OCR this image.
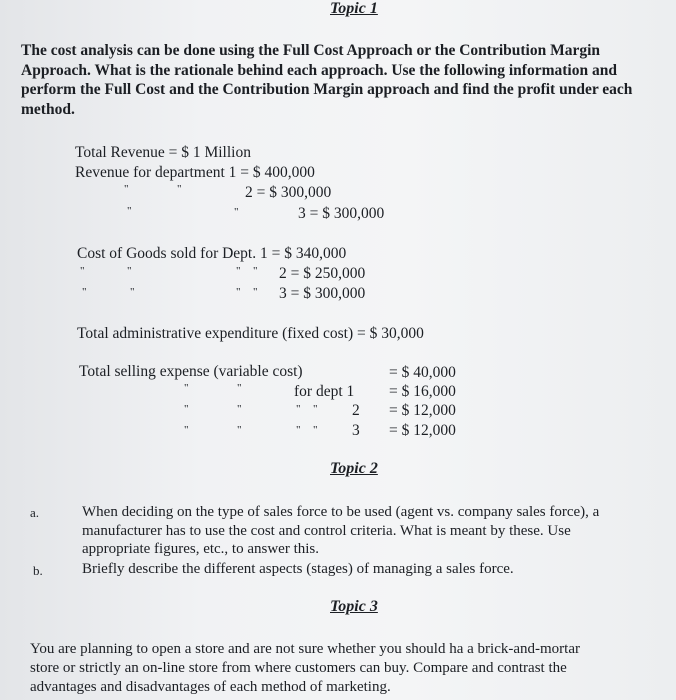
Topic 1
The cost analysis can be done using the Full Cost Approach or the Contribution Margin
Approach. What is the rationale behind each approach. Use the following information and
perform the Full Cost and the Contribution Margin approach and find the profit under each
method.
Total Revenue = $ 1 Million
Revenue for department 1 = $ 400,000
"	"	2 = $ 300,000
"	"	3 = $ 300,000
Cost of Goods sold for Dept. 1 = $ 340,000
"	"	" " 2 = $ 250,000
"	"	" " 3 = $ 300,000
Total administrative expenditure (fixed cost) = $ 30,000
Total selling expense (variable cost)	= $ 40,000
"	"	for dept 1 = $ 16,000
"	"	" " 2 = $ 12,000
"	"	" " 3 = $ 12,000
Topic 2
a.	When deciding on the type of sales force to be used (agent vs. company sales force), a
manufacturer has to use the cost and control criteria. What is meant by these. Use
appropriate figures, etc., to answer this.
b.	Briefly describe the different aspects (stages) of managing a sales force.
Topic 3
You are planning to open a store and are not sure whether you should ha a brick-and-mortar
store or strictly an on-line store from where customers can buy. Compare and contrast the
advantages and disadvantages of each method of marketing.
